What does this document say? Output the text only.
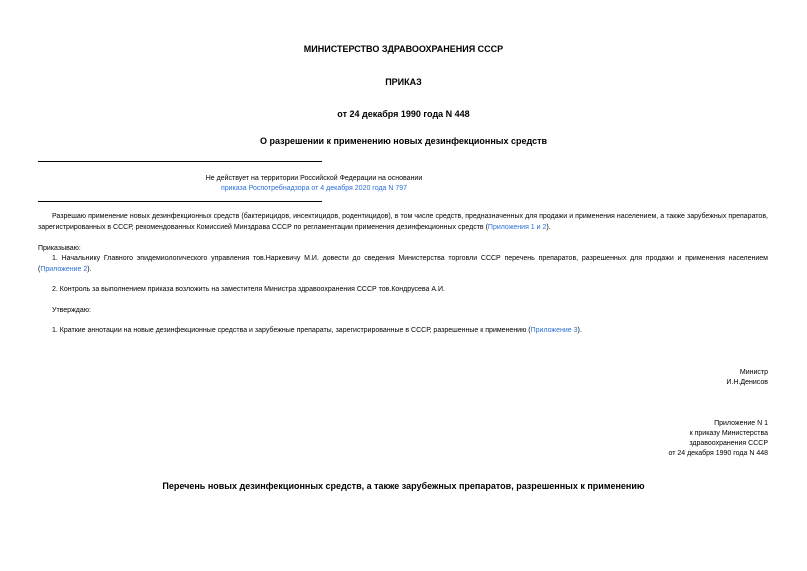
МИНИСТЕРСТВО ЗДРАВООХРАНЕНИЯ СССР
ПРИКАЗ
от 24 декабря 1990 года N 448
О разрешении к применению новых дезинфекционных средств
Не действует на территории Российской Федерации на основании
приказа Роспотребнадзора от 4 декабря 2020 года N 797
Разрешаю применение новых дезинфекционных средств (бактерицидов, инсектицидов, родентицидов), в том числе средств, предназначенных для продажи и применения населением, а также зарубежных препаратов, зарегистрированных в СССР, рекомендованных Комиссией Минздрава СССР по регламентации применения дезинфекционных средств (Приложения 1 и 2).
Приказываю:
1. Начальнику Главного эпидемиологического управления тов.Наркевичу М.И. довести до сведения Министерства торговли СССР перечень препаратов, разрешенных для продажи и применения населением (Приложение 2).
2. Контроль за выполнением приказа возложить на заместителя Министра здравоохранения СССР тов.Кондрусева А.И.
Утверждаю:
1. Краткие аннотации на новые дезинфекционные средства и зарубежные препараты, зарегистрированные в СССР, разрешенные к применению (Приложение 3).
Министр
И.Н.Денисов
Приложение N 1
к приказу Министерства
здравоохранения СССР
от 24 декабря 1990 года N 448
Перечень новых дезинфекционных средств, а также зарубежных препаратов, разрешенных к применению
